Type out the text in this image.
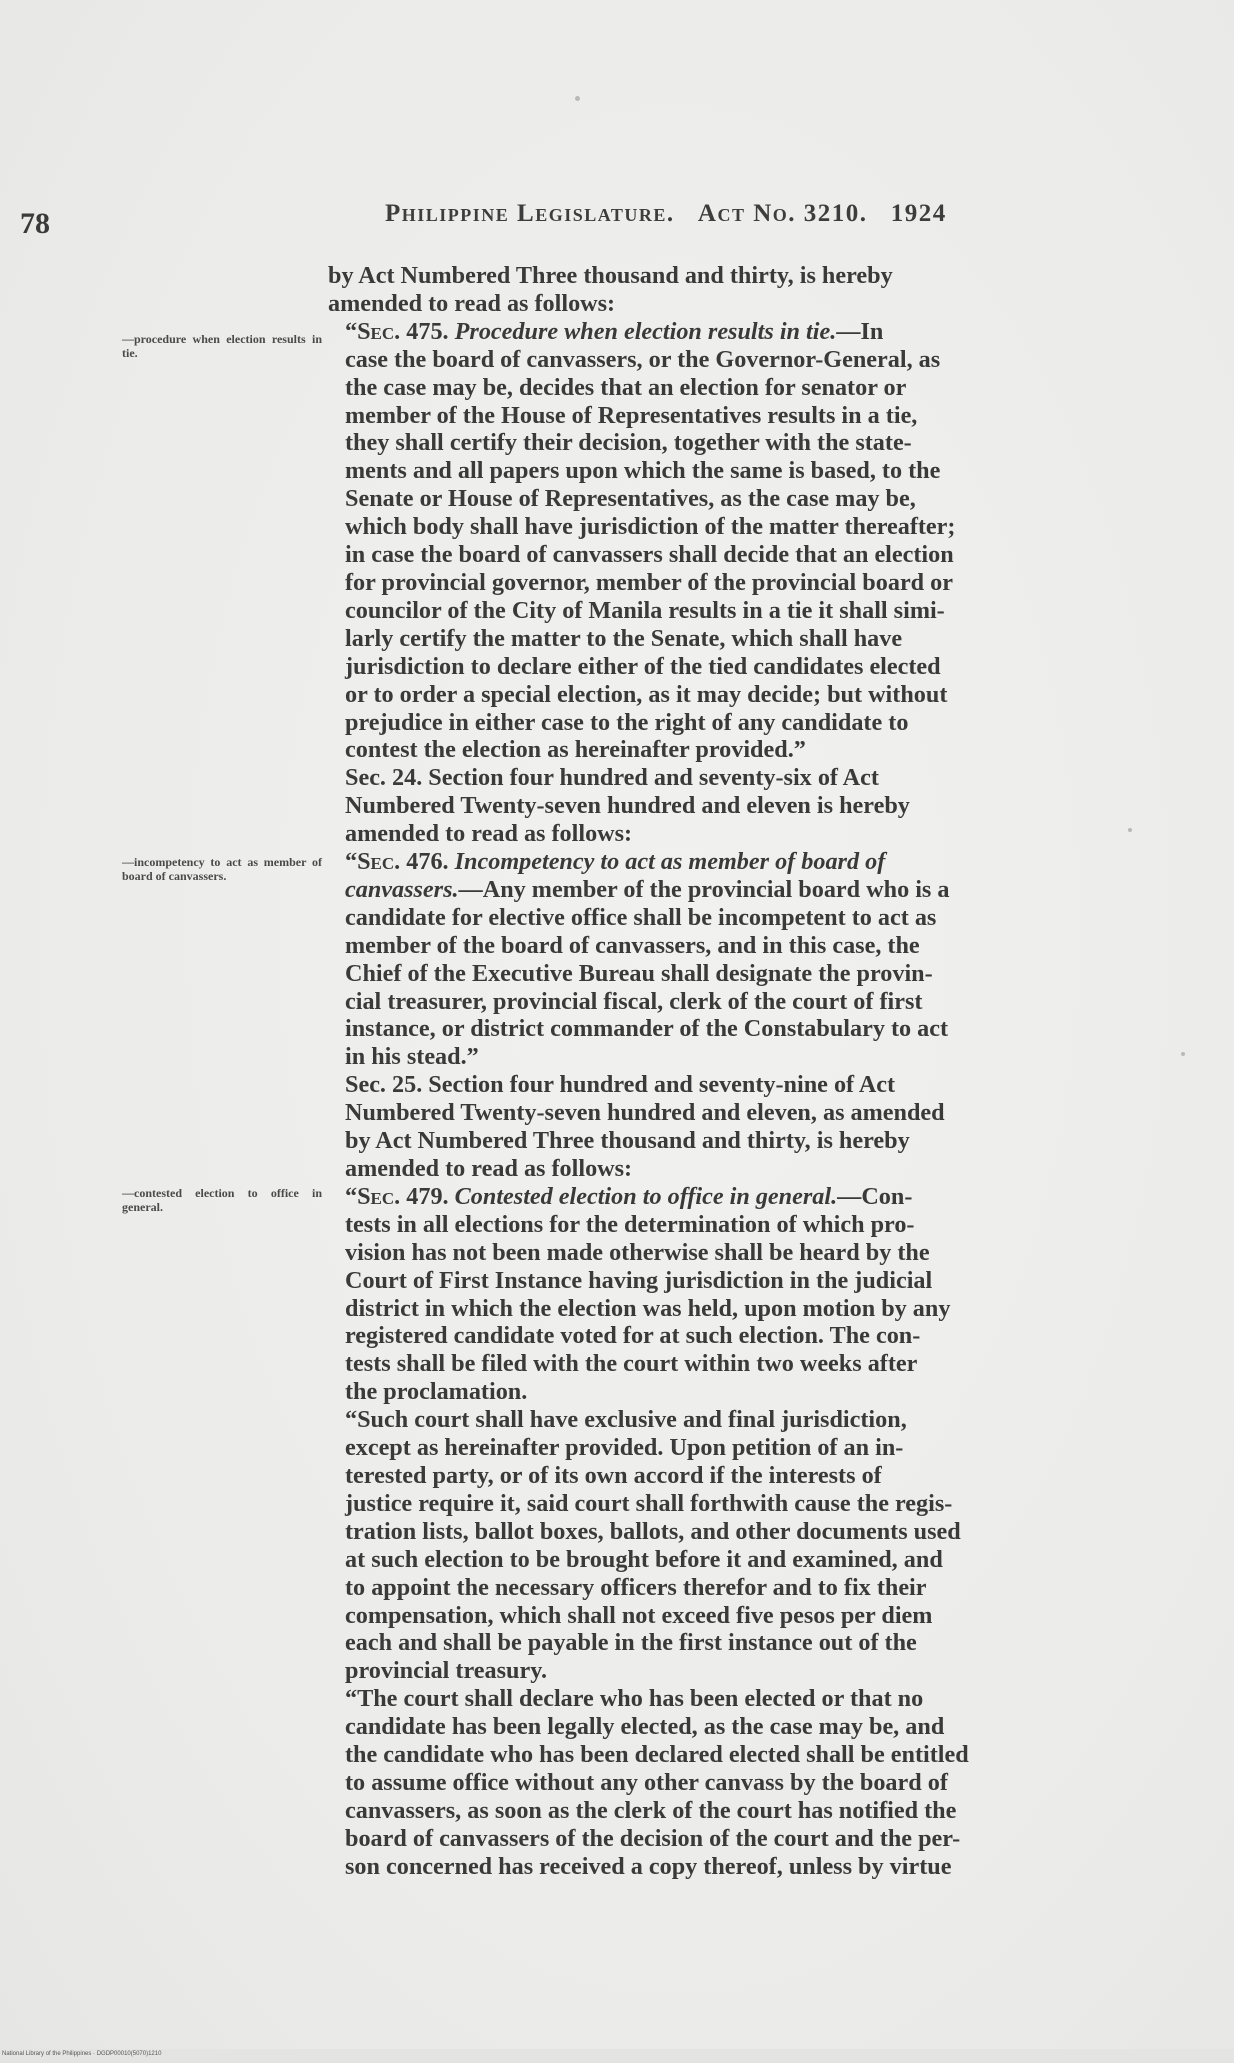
78	Philippine Legislature. Act No. 3210. 1924
—procedure when election results in tie.
—incompetency to act as member of board of canvassers.
—contested election to office in general.

by Act Numbered Three thousand and thirty, is hereby
amended to read as follows:

“Sec. 475. Procedure when election results in tie.—In
case the board of canvassers, or the Governor-General, as
the case may be, decides that an election for senator or
member of the House of Representatives results in a tie,
they shall certify their decision, together with the state-
ments and all papers upon which the same is based, to the
Senate or House of Representatives, as the case may be,
which body shall have jurisdiction of the matter thereafter;
in case the board of canvassers shall decide that an election
for provincial governor, member of the provincial board or
councilor of the City of Manila results in a tie it shall simi-
larly certify the matter to the Senate, which shall have
jurisdiction to declare either of the tied candidates elected
or to order a special election, as it may decide; but without
prejudice in either case to the right of any candidate to
contest the election as hereinafter provided.”

Sec. 24. Section four hundred and seventy-six of Act
Numbered Twenty-seven hundred and eleven is hereby
amended to read as follows:

“Sec. 476. Incompetency to act as member of board of
canvassers.—Any member of the provincial board who is a
candidate for elective office shall be incompetent to act as
member of the board of canvassers, and in this case, the
Chief of the Executive Bureau shall designate the provin-
cial treasurer, provincial fiscal, clerk of the court of first
instance, or district commander of the Constabulary to act
in his stead.”

Sec. 25. Section four hundred and seventy-nine of Act
Numbered Twenty-seven hundred and eleven, as amended
by Act Numbered Three thousand and thirty, is hereby
amended to read as follows:

“Sec. 479. Contested election to office in general.—Con-
tests in all elections for the determination of which pro-
vision has not been made otherwise shall be heard by the
Court of First Instance having jurisdiction in the judicial
district in which the election was held, upon motion by any
registered candidate voted for at such election. The con-
tests shall be filed with the court within two weeks after
the proclamation.

“Such court shall have exclusive and final jurisdiction,
except as hereinafter provided. Upon petition of an in-
terested party, or of its own accord if the interests of
justice require it, said court shall forthwith cause the regis-
tration lists, ballot boxes, ballots, and other documents used
at such election to be brought before it and examined, and
to appoint the necessary officers therefor and to fix their
compensation, which shall not exceed five pesos per diem
each and shall be payable in the first instance out of the
provincial treasury.

“The court shall declare who has been elected or that no
candidate has been legally elected, as the case may be, and
the candidate who has been declared elected shall be entitled
to assume office without any other canvass by the board of
canvassers, as soon as the clerk of the court has notified the
board of canvassers of the decision of the court and the per-
son concerned has received a copy thereof, unless by virtue

National Library of the Philippines · DGDP00010(5070)1210
